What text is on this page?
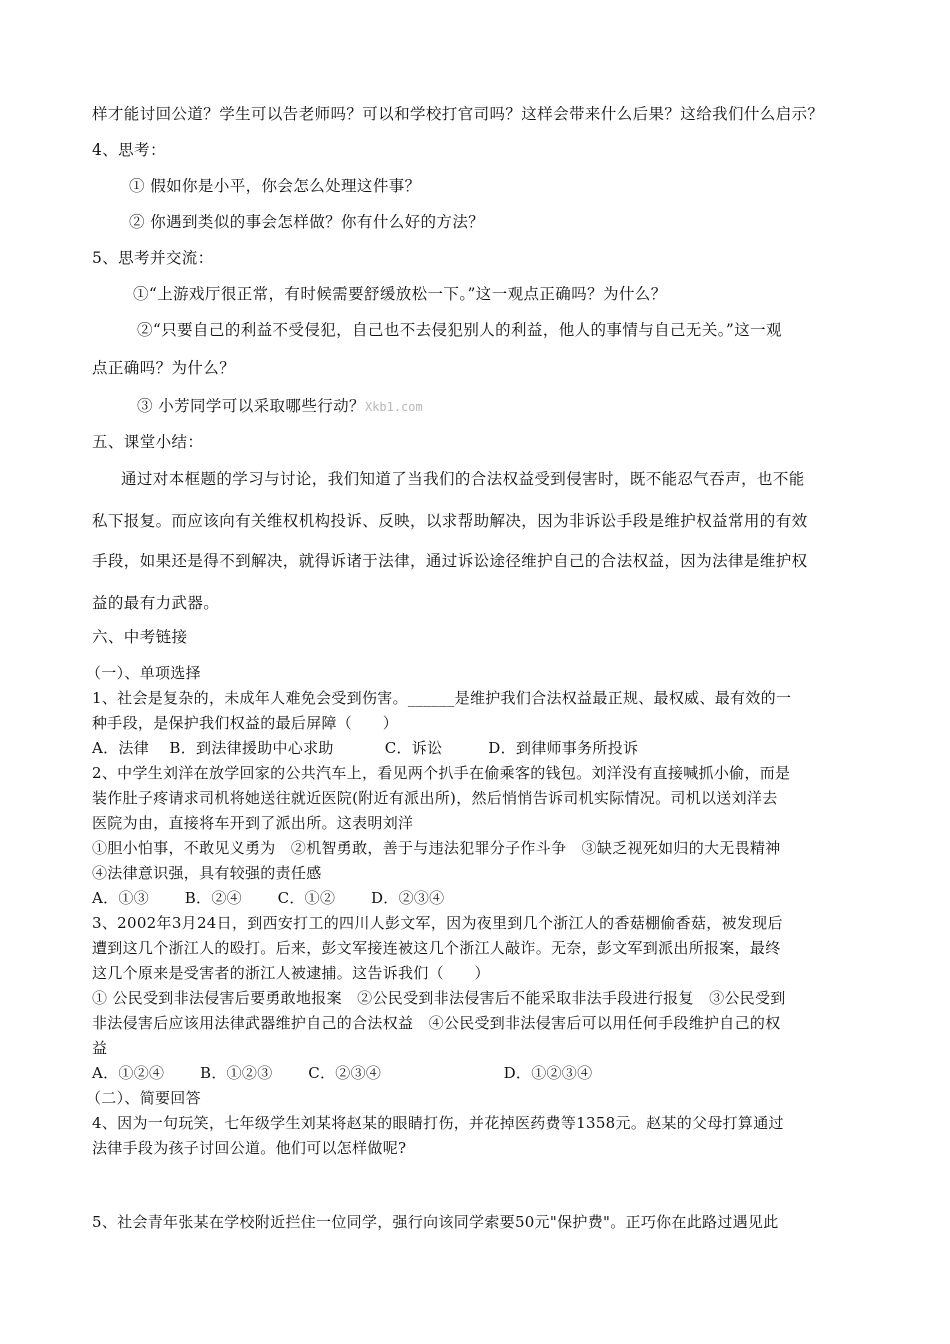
样才能讨回公道？学生可以告老师吗？可以和学校打官司吗？这样会带来什么后果？这给我们什么启示？
4、思考：
① 假如你是小平，你会怎么处理这件事？
② 你遇到类似的事会怎样做？你有什么好的方法？
5、思考并交流：
①“上游戏厅很正常，有时候需要舒缓放松一下。”这一观点正确吗？为什么？
②“只要自己的利益不受侵犯，自己也不去侵犯别人的利益，他人的事情与自己无关。”这一观
点正确吗？为什么？
③ 小芳同学可以采取哪些行动？Xkb1.com
五、课堂小结：
通过对本框题的学习与讨论，我们知道了当我们的合法权益受到侵害时，既不能忍气吞声，也不能
私下报复。而应该向有关维权机构投诉、反映，以求帮助解决，因为非诉讼手段是维护权益常用的有效
手段，如果还是得不到解决，就得诉诸于法律，通过诉讼途径维护自己的合法权益，因为法律是维护权
益的最有力武器。
六、中考链接
（一）、单项选择
1、社会是复杂的，未成年人难免会受到伤害。______是维护我们合法权益最正规、最权威、最有效的一
种手段，是保护我们权益的最后屏障（　　）
A．法律　 B．到法律援助中心求助　　　 C．诉讼　　　D．到律师事务所投诉
2、中学生刘洋在放学回家的公共汽车上，看见两个扒手在偷乘客的钱包。刘洋没有直接喊抓小偷，而是
装作肚子疼请求司机将她送往就近医院(附近有派出所)，然后悄悄告诉司机实际情况。司机以送刘洋去
医院为由，直接将车开到了派出所。这表明刘洋
①胆小怕事，不敢见义勇为　②机智勇敢，善于与违法犯罪分子作斗争　③缺乏视死如归的大无畏精神
④法律意识强，具有较强的责任感
A．①③　　 B．②④　　 C．①②　　 D．②③④
3、2002年3月24日，到西安打工的四川人彭文军，因为夜里到几个浙江人的香菇棚偷香菇，被发现后
遭到这几个浙江人的殴打。后来，彭文军接连被这几个浙江人敲诈。无奈，彭文军到派出所报案，最终
这几个原来是受害者的浙江人被逮捕。这告诉我们（　　）
① 公民受到非法侵害后要勇敢地报案　②公民受到非法侵害后不能采取非法手段进行报复　③公民受到
非法侵害后应该用法律武器维护自己的合法权益　④公民受到非法侵害后可以用任何手段维护自己的权
益
A．①②④　　 B．①②③　　 C．②③④　　　　　　　　D．①②③④
（二）、简要回答
4、因为一句玩笑，七年级学生刘某将赵某的眼睛打伤，并花掉医药费等1358元。赵某的父母打算通过
法律手段为孩子讨回公道。他们可以怎样做呢?
5、社会青年张某在学校附近拦住一位同学，强行向该同学索要50元"保护费"。正巧你在此路过遇见此
